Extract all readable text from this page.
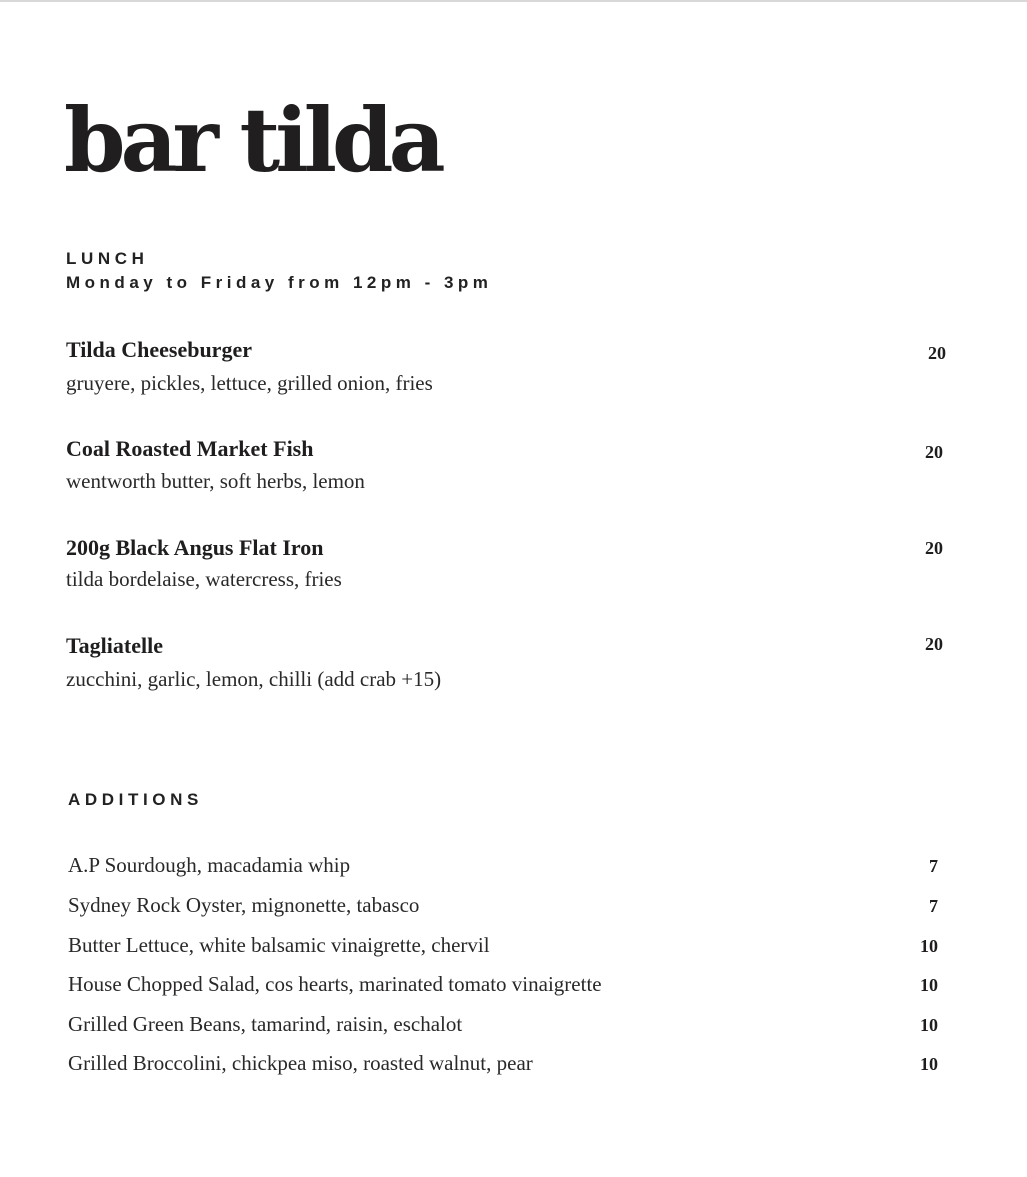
bar tilda
LUNCH
Monday to Friday from 12pm - 3pm
Tilda Cheeseburger
gruyere, pickles, lettuce, grilled onion, fries
20
Coal Roasted Market Fish
wentworth butter, soft herbs, lemon
20
200g Black Angus Flat Iron
tilda bordelaise, watercress, fries
20
Tagliatelle
zucchini, garlic, lemon, chilli (add crab +15)
20
ADDITIONS
A.P Sourdough, macadamia whip	7
Sydney Rock Oyster, mignonette, tabasco	7
Butter Lettuce, white balsamic vinaigrette, chervil	10
House Chopped Salad, cos hearts, marinated tomato vinaigrette	10
Grilled Green Beans, tamarind, raisin, eschalot	10
Grilled Broccolini, chickpea miso, roasted walnut, pear	10
